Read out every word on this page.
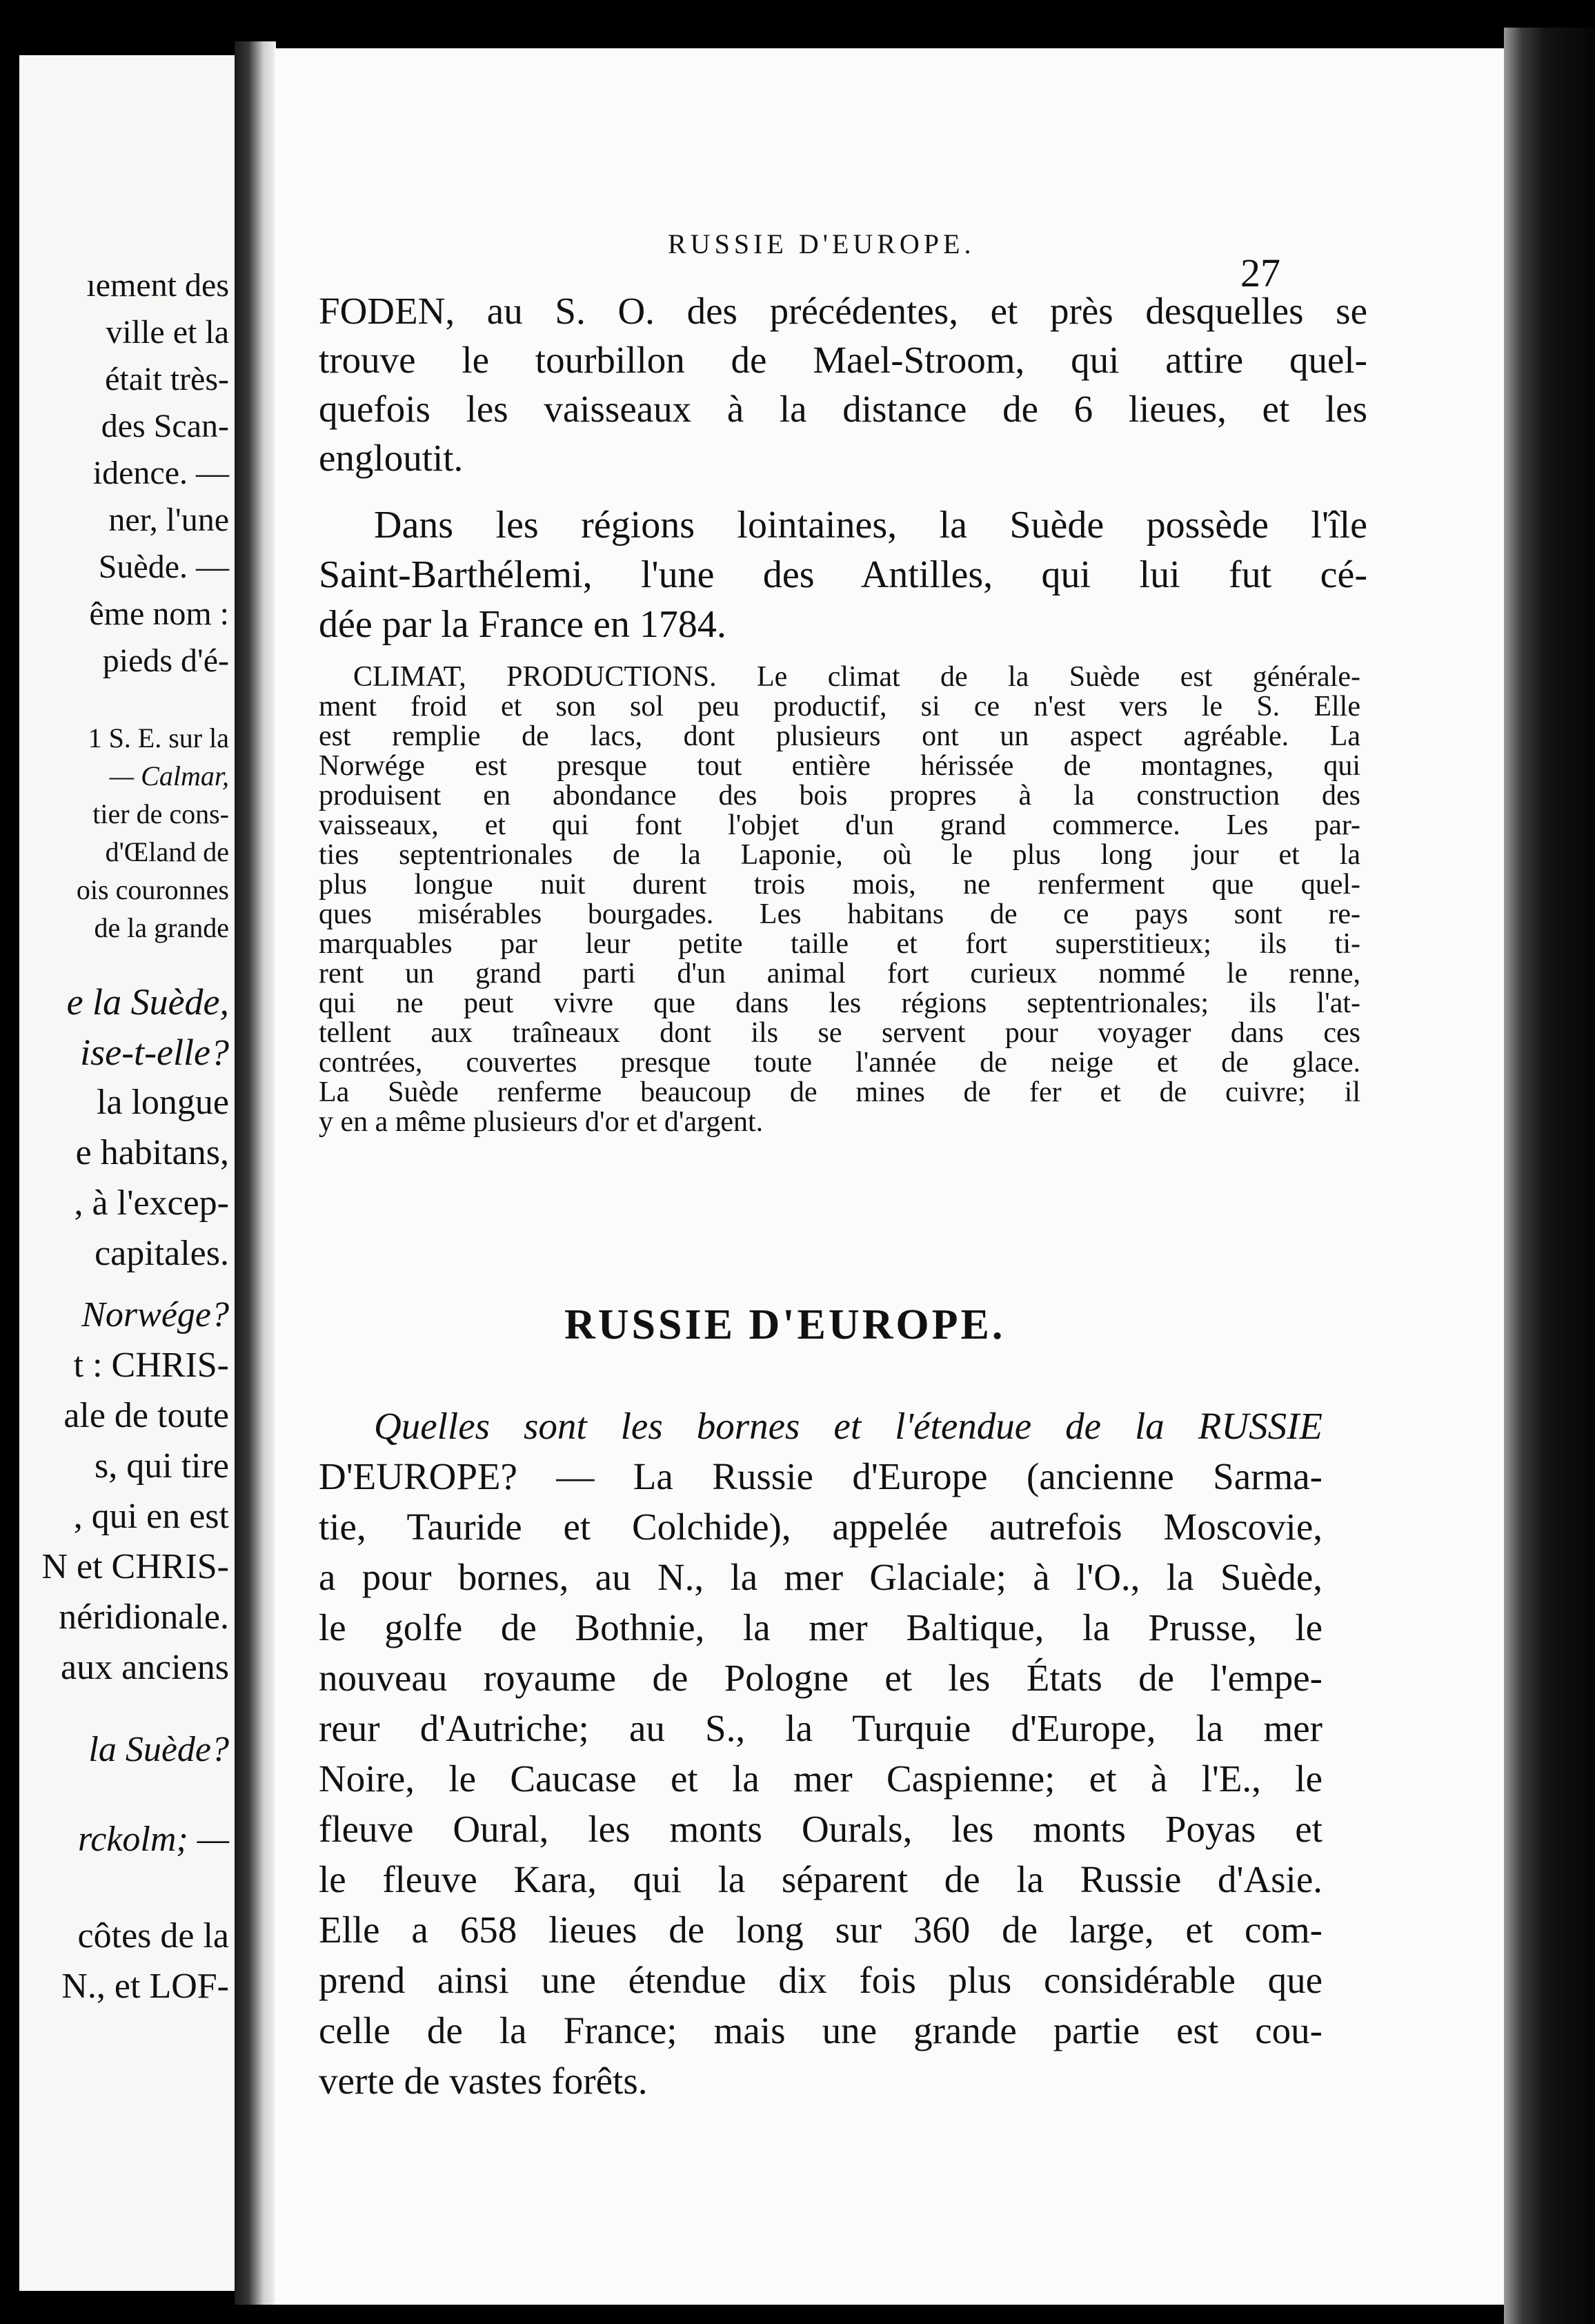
ıement des
ville et la
était très-
des Scan-
idence. —
ner, l'une
Suède. —
ême nom :
pieds d'é-
1 S. E. sur la
— Calmar,
tier de cons-
d'Œland de
ois couronnes
de la grande
e la Suède,
ise-t-elle?
la longue
e habitans,
, à l'excep-
capitales.
Norwége?
t : CHRIS-
ale de toute
s, qui tire
, qui en est
N et CHRIS-
néridionale.
aux anciens
la Suède?
rckolm; —
côtes de la
N., et LOF-
RUSSIE D'EUROPE.
27
FODEN, au S. O. des précédentes, et près desquelles se
trouve le tourbillon de Mael-Stroom, qui attire quel-
quefois les vaisseaux à la distance de 6 lieues, et les
engloutit.
Dans les régions lointaines, la Suède possède l'île
Saint-Barthélemi, l'une des Antilles, qui lui fut cé-
dée par la France en 1784.
CLIMAT, PRODUCTIONS. Le climat de la Suède est générale-
ment froid et son sol peu productif, si ce n'est vers le S. Elle
est remplie de lacs, dont plusieurs ont un aspect agréable. La
Norwége est presque tout entière hérissée de montagnes, qui
produisent en abondance des bois propres à la construction des
vaisseaux, et qui font l'objet d'un grand commerce. Les par-
ties septentrionales de la Laponie, où le plus long jour et la
plus longue nuit durent trois mois, ne renferment que quel-
ques misérables bourgades. Les habitans de ce pays sont re-
marquables par leur petite taille et fort superstitieux; ils ti-
rent un grand parti d'un animal fort curieux nommé le renne,
qui ne peut vivre que dans les régions septentrionales; ils l'at-
tellent aux traîneaux dont ils se servent pour voyager dans ces
contrées, couvertes presque toute l'année de neige et de glace.
La Suède renferme beaucoup de mines de fer et de cuivre; il
y en a même plusieurs d'or et d'argent.
RUSSIE D'EUROPE.
Quelles sont les bornes et l'étendue de la RUSSIE
D'EUROPE? — La Russie d'Europe (ancienne Sarma-
tie, Tauride et Colchide), appelée autrefois Moscovie,
a pour bornes, au N., la mer Glaciale; à l'O., la Suède,
le golfe de Bothnie, la mer Baltique, la Prusse, le
nouveau royaume de Pologne et les États de l'empe-
reur d'Autriche; au S., la Turquie d'Europe, la mer
Noire, le Caucase et la mer Caspienne; et à l'E., le
fleuve Oural, les monts Ourals, les monts Poyas et
le fleuve Kara, qui la séparent de la Russie d'Asie.
Elle a 658 lieues de long sur 360 de large, et com-
prend ainsi une étendue dix fois plus considérable que
celle de la France; mais une grande partie est cou-
verte de vastes forêts.
